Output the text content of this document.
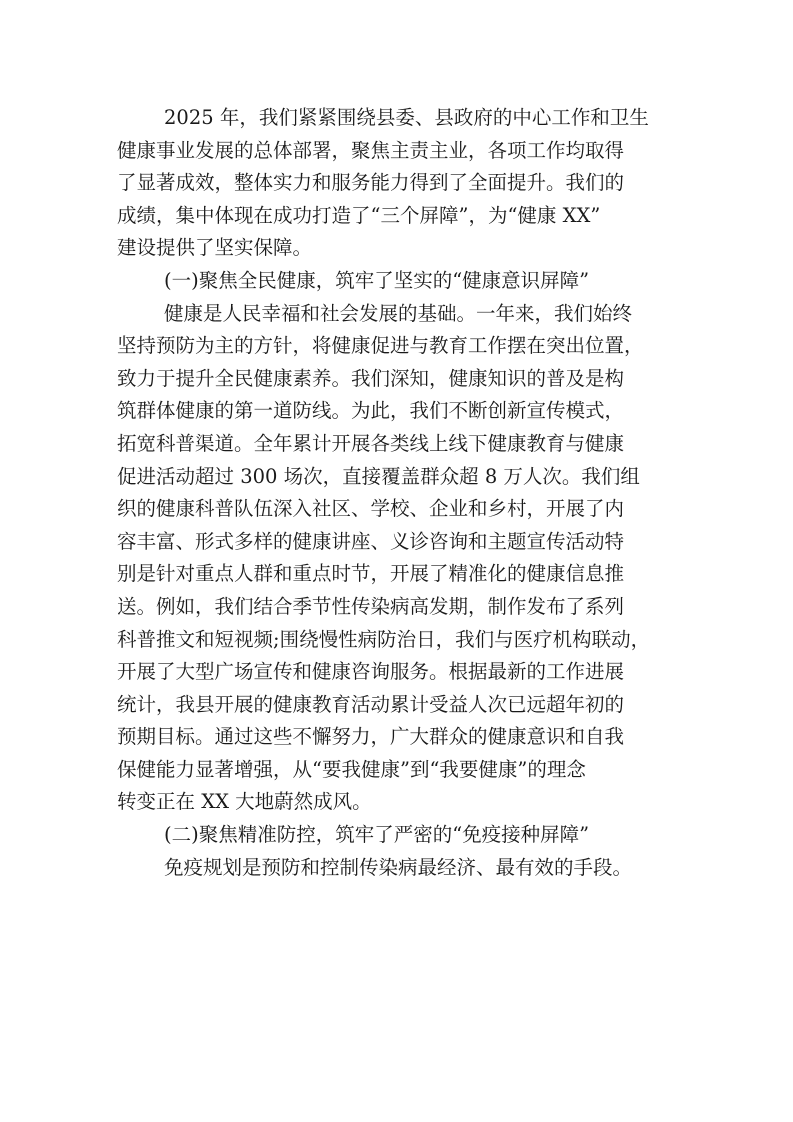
2025 年，我们紧紧围绕县委、县政府的中心工作和卫生
健康事业发展的总体部署，聚焦主责主业，各项工作均取得
了显著成效，整体实力和服务能力得到了全面提升。我们的
成绩，集中体现在成功打造了“三个屏障”，为“健康 XX”
建设提供了坚实保障。
(一)聚焦全民健康，筑牢了坚实的“健康意识屏障”
健康是人民幸福和社会发展的基础。一年来，我们始终
坚持预防为主的方针，将健康促进与教育工作摆在突出位置，
致力于提升全民健康素养。我们深知，健康知识的普及是构
筑群体健康的第一道防线。为此，我们不断创新宣传模式，
拓宽科普渠道。全年累计开展各类线上线下健康教育与健康
促进活动超过 300 场次，直接覆盖群众超 8 万人次。我们组
织的健康科普队伍深入社区、学校、企业和乡村，开展了内
容丰富、形式多样的健康讲座、义诊咨询和主题宣传活动特
别是针对重点人群和重点时节，开展了精准化的健康信息推
送。例如，我们结合季节性传染病高发期，制作发布了系列
科普推文和短视频;围绕慢性病防治日，我们与医疗机构联动，
开展了大型广场宣传和健康咨询服务。根据最新的工作进展
统计，我县开展的健康教育活动累计受益人次已远超年初的
预期目标。通过这些不懈努力，广大群众的健康意识和自我
保健能力显著增强，从“要我健康”到“我要健康”的理念
转变正在 XX 大地蔚然成风。
(二)聚焦精准防控，筑牢了严密的“免疫接种屏障”
免疫规划是预防和控制传染病最经济、最有效的手段。
